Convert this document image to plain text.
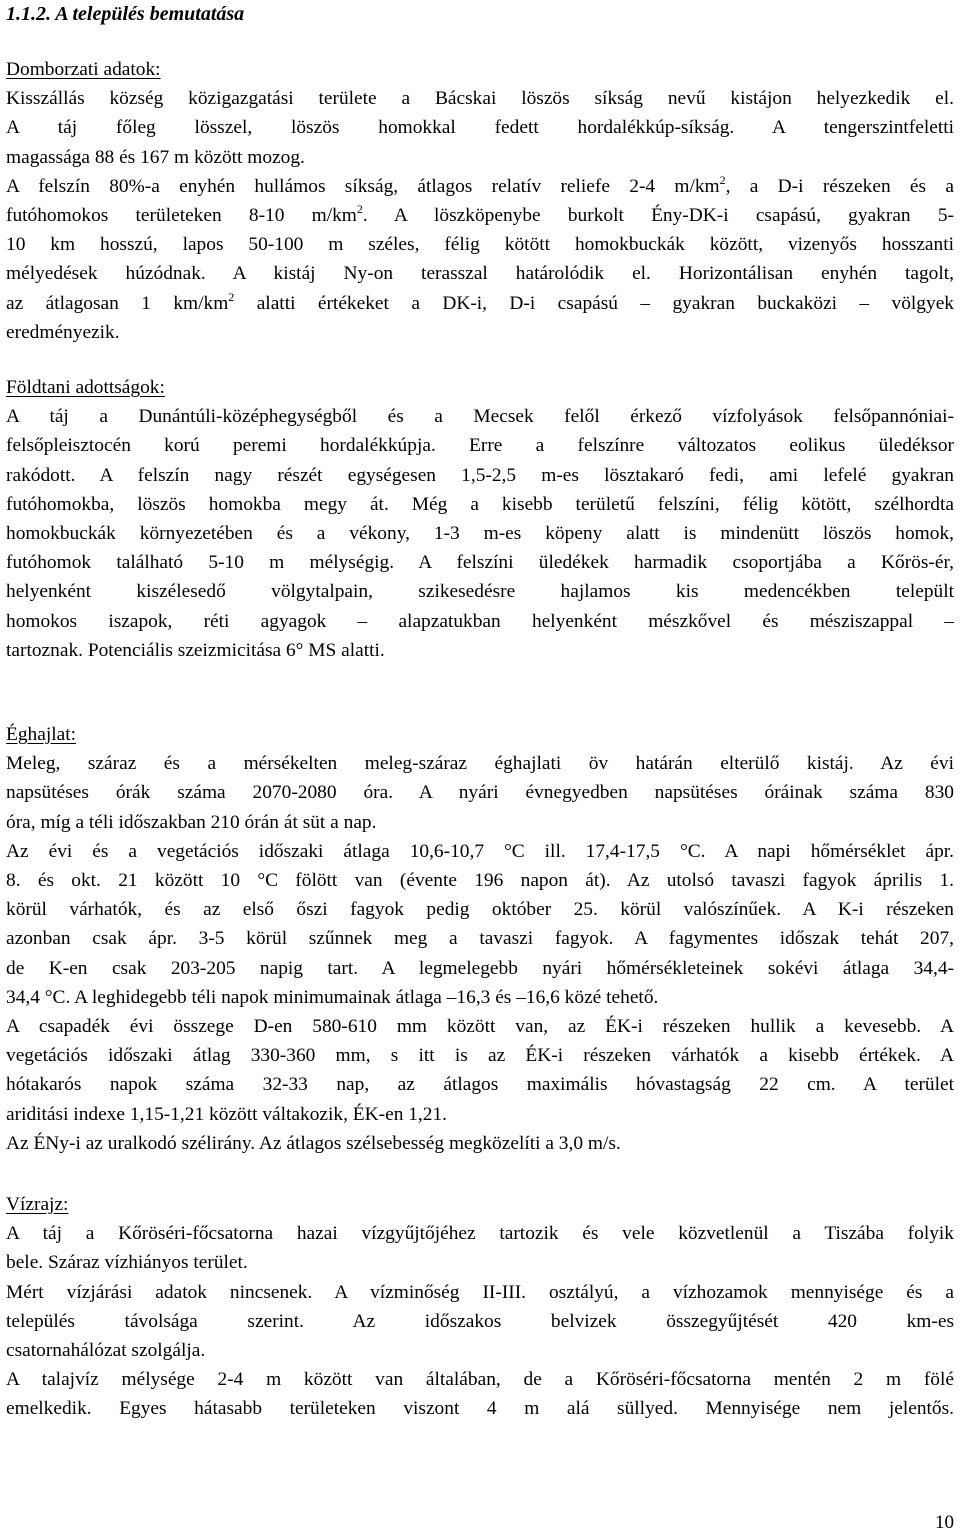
1.1.2. A település bemutatása
Domborzati adatok:
Kisszállás község közigazgatási területe a Bácskai löszös síkság nevű kistájon helyezkedik el.
A táj főleg lösszel, löszös homokkal fedett hordalékkúp-síkság. A tengerszintfeletti
magassága 88 és 167 m között mozog.
A felszín 80%-a enyhén hullámos síkság, átlagos relatív reliefe 2-4 $m/km^2$, a D-i részeken és a
futóhomokos területeken 8-10 $m/km^2$. A löszköpenybe burkolt Ény-DK-i csapású, gyakran 5-
10 km hosszú, lapos 50-100 m széles, félig kötött homokbuckák között, vizenyős hosszanti
mélyedések húzódnak. A kistáj Ny-on terasszal határolódik el. Horizontálisan enyhén tagolt,
az átlagosan 1 $km/km^2$ alatti értékeket a DK-i, D-i csapású – gyakran buckaközi – völgyek
eredményezik.
Földtani adottságok:
A táj a Dunántúli-középhegységből és a Mecsek felől érkező vízfolyások felsőpannóniai-
felsőpleisztocén korú peremi hordalékkúpja. Erre a felszínre változatos eolikus üledéksor
rakódott. A felszín nagy részét egységesen 1,5-2,5 m-es lösztakaró fedi, ami lefelé gyakran
futóhomokba, löszös homokba megy át. Még a kisebb területű felszíni, félig kötött, szélhordta
homokbuckák környezetében és a vékony, 1-3 m-es köpeny alatt is mindenütt löszös homok,
futóhomok található 5-10 m mélységig. A felszíni üledékek harmadik csoportjába a Kőrös-ér,
helyenként kiszélesedő völgytalpain, szikesedésre hajlamos kis medencékben települt
homokos iszapok, réti agyagok – alapzatukban helyenként mészkővel és mésziszappal –
tartoznak. Potenciális szeizmicitása 6° MS alatti.
Éghajlat:
Meleg, száraz és a mérsékelten meleg-száraz éghajlati öv határán elterülő kistáj. Az évi
napsütéses órák száma 2070-2080 óra. A nyári évnegyedben napsütéses óráinak száma 830
óra, míg a téli időszakban 210 órán át süt a nap.
Az évi és a vegetációs időszaki átlaga 10,6-10,7 °C ill. 17,4-17,5 °C. A napi hőmérséklet ápr.
8. és okt. 21 között 10 °C fölött van (évente 196 napon át). Az utolsó tavaszi fagyok április 1.
körül várhatók, és az első őszi fagyok pedig október 25. körül valószínűek. A K-i részeken
azonban csak ápr. 3-5 körül szűnnek meg a tavaszi fagyok. A fagymentes időszak tehát 207,
de K-en csak 203-205 napig tart. A legmelegebb nyári hőmérsékleteinek sokévi átlaga 34,4-
34,4 °C. A leghidegebb téli napok minimumainak átlaga –16,3 és –16,6 közé tehető.
A csapadék évi összege D-en 580-610 mm között van, az ÉK-i részeken hullik a kevesebb. A
vegetációs időszaki átlag 330-360 mm, s itt is az ÉK-i részeken várhatók a kisebb értékek. A
hótakarós napok száma 32-33 nap, az átlagos maximális hóvastagság 22 cm. A terület
ariditási indexe 1,15-1,21 között váltakozik, ÉK-en 1,21.
Az ÉNy-i az uralkodó szélirány. Az átlagos szélsebesség megközelíti a 3,0 m/s.
Vízrajz:
A táj a Kőröséri-főcsatorna hazai vízgyűjtőjéhez tartozik és vele közvetlenül a Tiszába folyik
bele. Száraz vízhiányos terület.
Mért vízjárási adatok nincsenek. A vízminőség II-III. osztályú, a vízhozamok mennyisége és a
település távolsága szerint. Az időszakos belvizek összegyűjtését 420 km-es
csatornahálózat szolgálja.
A talajvíz mélysége 2-4 m között van általában, de a Kőröséri-főcsatorna mentén 2 m fölé
emelkedik. Egyes hátasabb területeken viszont 4 m alá süllyed. Mennyisége nem jelentős.
10
